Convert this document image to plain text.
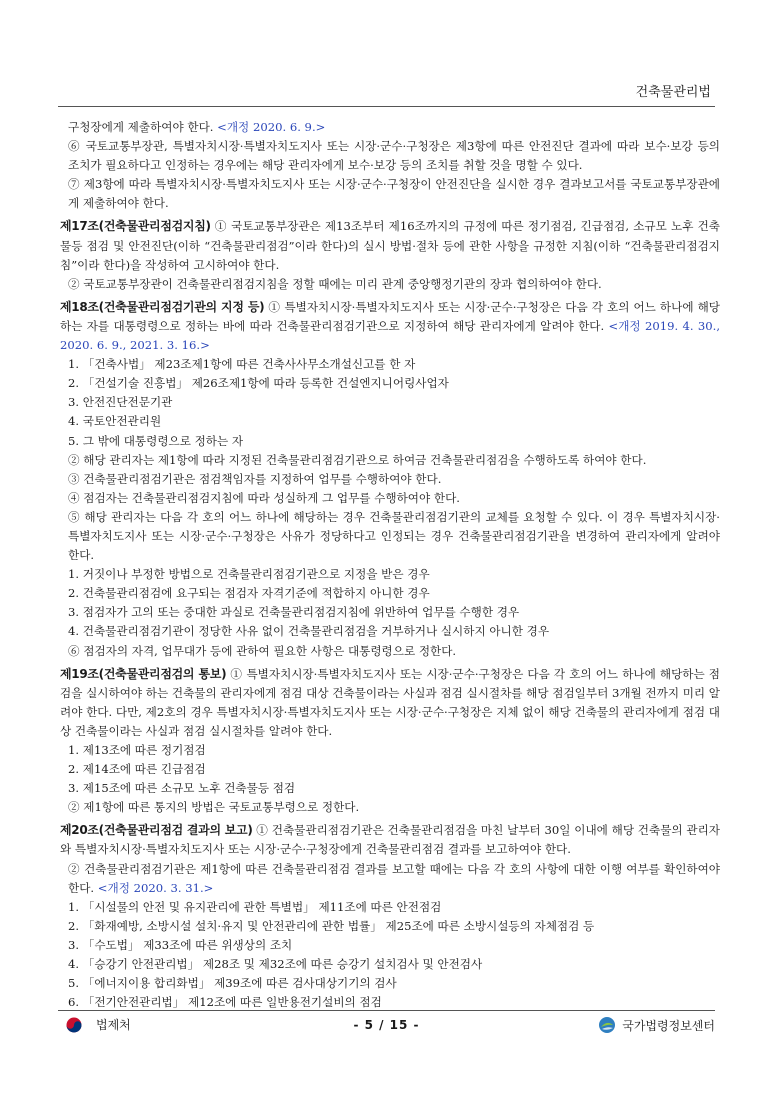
건축물관리법

구청장에게 제출하여야 한다. <개정 2020. 6. 9.>

⑥ 국토교통부장관, 특별자치시장·특별자치도지사 또는 시장·군수·구청장은 제3항에 따른 안전진단 결과에 따라 보수·보강 등의 조치가 필요하다고 인정하는 경우에는 해당 관리자에게 보수·보강 등의 조치를 취할 것을 명할 수 있다.

⑦ 제3항에 따라 특별자치시장·특별자치도지사 또는 시장·군수·구청장이 안전진단을 실시한 경우 결과보고서를 국토교통부장관에게 제출하여야 한다.

제17조(건축물관리점검지침) ① 국토교통부장관은 제13조부터 제16조까지의 규정에 따른 정기점검, 긴급점검, 소규모 노후 건축물등 점검 및 안전진단(이하 “건축물관리점검”이라 한다)의 실시 방법·절차 등에 관한 사항을 규정한 지침(이하 “건축물관리점검지침”이라 한다)을 작성하여 고시하여야 한다.

② 국토교통부장관이 건축물관리점검지침을 정할 때에는 미리 관계 중앙행정기관의 장과 협의하여야 한다.

제18조(건축물관리점검기관의 지정 등) ① 특별자치시장·특별자치도지사 또는 시장·군수·구청장은 다음 각 호의 어느 하나에 해당하는 자를 대통령령으로 정하는 바에 따라 건축물관리점검기관으로 지정하여 해당 관리자에게 알려야 한다. <개정 2019. 4. 30., 2020. 6. 9., 2021. 3. 16.>

1. 「건축사법」 제23조제1항에 따른 건축사사무소개설신고를 한 자

2. 「건설기술 진흥법」 제26조제1항에 따라 등록한 건설엔지니어링사업자

3. 안전진단전문기관

4. 국토안전관리원

5. 그 밖에 대통령령으로 정하는 자

② 해당 관리자는 제1항에 따라 지정된 건축물관리점검기관으로 하여금 건축물관리점검을 수행하도록 하여야 한다.

③ 건축물관리점검기관은 점검책임자를 지정하여 업무를 수행하여야 한다.

④ 점검자는 건축물관리점검지침에 따라 성실하게 그 업무를 수행하여야 한다.

⑤ 해당 관리자는 다음 각 호의 어느 하나에 해당하는 경우 건축물관리점검기관의 교체를 요청할 수 있다. 이 경우 특별자치시장·특별자치도지사 또는 시장·군수·구청장은 사유가 정당하다고 인정되는 경우 건축물관리점검기관을 변경하여 관리자에게 알려야 한다.

1. 거짓이나 부정한 방법으로 건축물관리점검기관으로 지정을 받은 경우

2. 건축물관리점검에 요구되는 점검자 자격기준에 적합하지 아니한 경우

3. 점검자가 고의 또는 중대한 과실로 건축물관리점검지침에 위반하여 업무를 수행한 경우

4. 건축물관리점검기관이 정당한 사유 없이 건축물관리점검을 거부하거나 실시하지 아니한 경우

⑥ 점검자의 자격, 업무대가 등에 관하여 필요한 사항은 대통령령으로 정한다.

제19조(건축물관리점검의 통보) ① 특별자치시장·특별자치도지사 또는 시장·군수·구청장은 다음 각 호의 어느 하나에 해당하는 점검을 실시하여야 하는 건축물의 관리자에게 점검 대상 건축물이라는 사실과 점검 실시절차를 해당 점검일부터 3개월 전까지 미리 알려야 한다. 다만, 제2호의 경우 특별자치시장·특별자치도지사 또는 시장·군수·구청장은 지체 없이 해당 건축물의 관리자에게 점검 대상 건축물이라는 사실과 점검 실시절차를 알려야 한다.

1. 제13조에 따른 정기점검

2. 제14조에 따른 긴급점검

3. 제15조에 따른 소규모 노후 건축물등 점검

② 제1항에 따른 통지의 방법은 국토교통부령으로 정한다.

제20조(건축물관리점검 결과의 보고) ① 건축물관리점검기관은 건축물관리점검을 마친 날부터 30일 이내에 해당 건축물의 관리자와 특별자치시장·특별자치도지사 또는 시장·군수·구청장에게 건축물관리점검 결과를 보고하여야 한다.

② 건축물관리점검기관은 제1항에 따른 건축물관리점검 결과를 보고할 때에는 다음 각 호의 사항에 대한 이행 여부를 확인하여야 한다. <개정 2020. 3. 31.>

1. 「시설물의 안전 및 유지관리에 관한 특별법」 제11조에 따른 안전점검

2. 「화재예방, 소방시설 설치·유지 및 안전관리에 관한 법률」 제25조에 따른 소방시설등의 자체점검 등

3. 「수도법」 제33조에 따른 위생상의 조치

4. 「승강기 안전관리법」 제28조 및 제32조에 따른 승강기 설치검사 및 안전검사

5. 「에너지이용 합리화법」 제39조에 따른 검사대상기기의 검사

6. 「전기안전관리법」 제12조에 따른 일반용전기설비의 점검

법제처	- 5 / 15 -	국가법령정보센터
